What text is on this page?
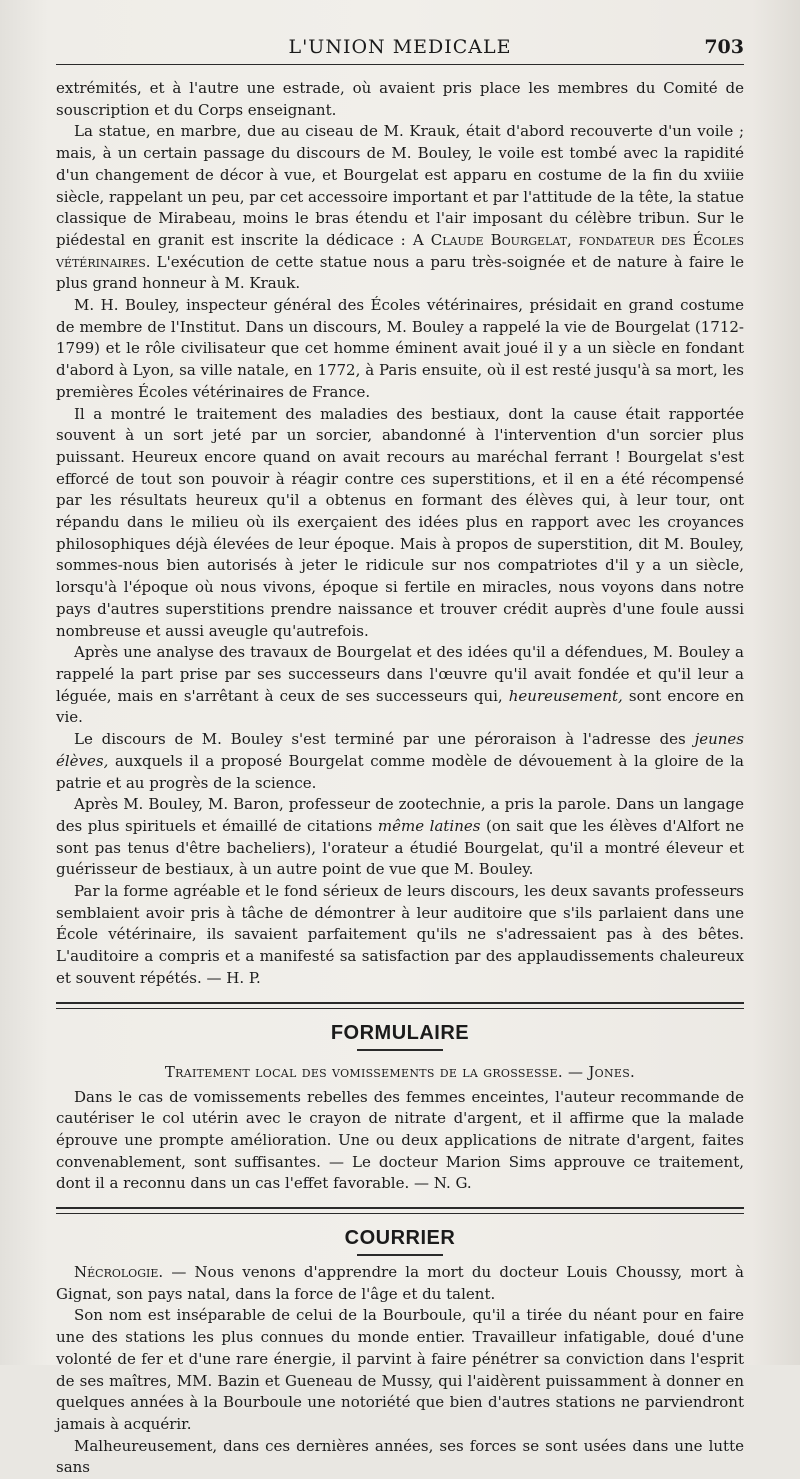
L'UNION MEDICALE	703

extrémités, et à l'autre une estrade, où avaient pris place les membres du Comité de souscription et du Corps enseignant.

La statue, en marbre, due au ciseau de M. Krauk, était d'abord recouverte d'un voile ; mais, à un certain passage du discours de M. Bouley, le voile est tombé avec la rapidité d'un changement de décor à vue, et Bourgelat est apparu en costume de la fin du xviiie siècle, rappelant un peu, par cet accessoire important et par l'attitude de la tête, la statue classique de Mirabeau, moins le bras étendu et l'air imposant du célèbre tribun. Sur le piédestal en granit est inscrite la dédicace : A Claude Bourgelat, fondateur des Écoles vétérinaires. L'exécution de cette statue nous a paru très-soignée et de nature à faire le plus grand honneur à M. Krauk.

M. H. Bouley, inspecteur général des Écoles vétérinaires, présidait en grand costume de membre de l'Institut. Dans un discours, M. Bouley a rappelé la vie de Bourgelat (1712-1799) et le rôle civilisateur que cet homme éminent avait joué il y a un siècle en fondant d'abord à Lyon, sa ville natale, en 1772, à Paris ensuite, où il est resté jusqu'à sa mort, les premières Écoles vétérinaires de France.

Il a montré le traitement des maladies des bestiaux, dont la cause était rapportée souvent à un sort jeté par un sorcier, abandonné à l'intervention d'un sorcier plus puissant. Heureux encore quand on avait recours au maréchal ferrant ! Bourgelat s'est efforcé de tout son pouvoir à réagir contre ces superstitions, et il en a été récompensé par les résultats heureux qu'il a obtenus en formant des élèves qui, à leur tour, ont répandu dans le milieu où ils exerçaient des idées plus en rapport avec les croyances philosophiques déjà élevées de leur époque. Mais à propos de superstition, dit M. Bouley, sommes-nous bien autorisés à jeter le ridicule sur nos compatriotes d'il y a un siècle, lorsqu'à l'époque où nous vivons, époque si fertile en miracles, nous voyons dans notre pays d'autres superstitions prendre naissance et trouver crédit auprès d'une foule aussi nombreuse et aussi aveugle qu'autrefois.

Après une analyse des travaux de Bourgelat et des idées qu'il a défendues, M. Bouley a rappelé la part prise par ses successeurs dans l'œuvre qu'il avait fondée et qu'il leur a léguée, mais en s'arrêtant à ceux de ses successeurs qui, heureusement, sont encore en vie.

Le discours de M. Bouley s'est terminé par une péroraison à l'adresse des jeunes élèves, auxquels il a proposé Bourgelat comme modèle de dévouement à la gloire de la patrie et au progrès de la science.

Après M. Bouley, M. Baron, professeur de zootechnie, a pris la parole. Dans un langage des plus spirituels et émaillé de citations même latines (on sait que les élèves d'Alfort ne sont pas tenus d'être bacheliers), l'orateur a étudié Bourgelat, qu'il a montré éleveur et guérisseur de bestiaux, à un autre point de vue que M. Bouley.

Par la forme agréable et le fond sérieux de leurs discours, les deux savants professeurs semblaient avoir pris à tâche de démontrer à leur auditoire que s'ils parlaient dans une École vétérinaire, ils savaient parfaitement qu'ils ne s'adressaient pas à des bêtes. L'auditoire a compris et a manifesté sa satisfaction par des applaudissements chaleureux et souvent répétés. — H. P.

FORMULAIRE
Traitement local des vomissements de la grossesse. — Jones.

Dans le cas de vomissements rebelles des femmes enceintes, l'auteur recommande de cautériser le col utérin avec le crayon de nitrate d'argent, et il affirme que la malade éprouve une prompte amélioration. Une ou deux applications de nitrate d'argent, faites convenablement, sont suffisantes. — Le docteur Marion Sims approuve ce traitement, dont il a reconnu dans un cas l'effet favorable. — N. G.

COURRIER

Nécrologie. — Nous venons d'apprendre la mort du docteur Louis Choussy, mort à Gignat, son pays natal, dans la force de l'âge et du talent.

Son nom est inséparable de celui de la Bourboule, qu'il a tirée du néant pour en faire une des stations les plus connues du monde entier. Travailleur infatigable, doué d'une volonté de fer et d'une rare énergie, il parvint à faire pénétrer sa conviction dans l'esprit de ses maîtres, MM. Bazin et Gueneau de Mussy, qui l'aidèrent puissamment à donner en quelques années à la Bourboule une notoriété que bien d'autres stations ne parviendront jamais à acquérir.

Malheureusement, dans ces dernières années, ses forces se sont usées dans une lutte sans
